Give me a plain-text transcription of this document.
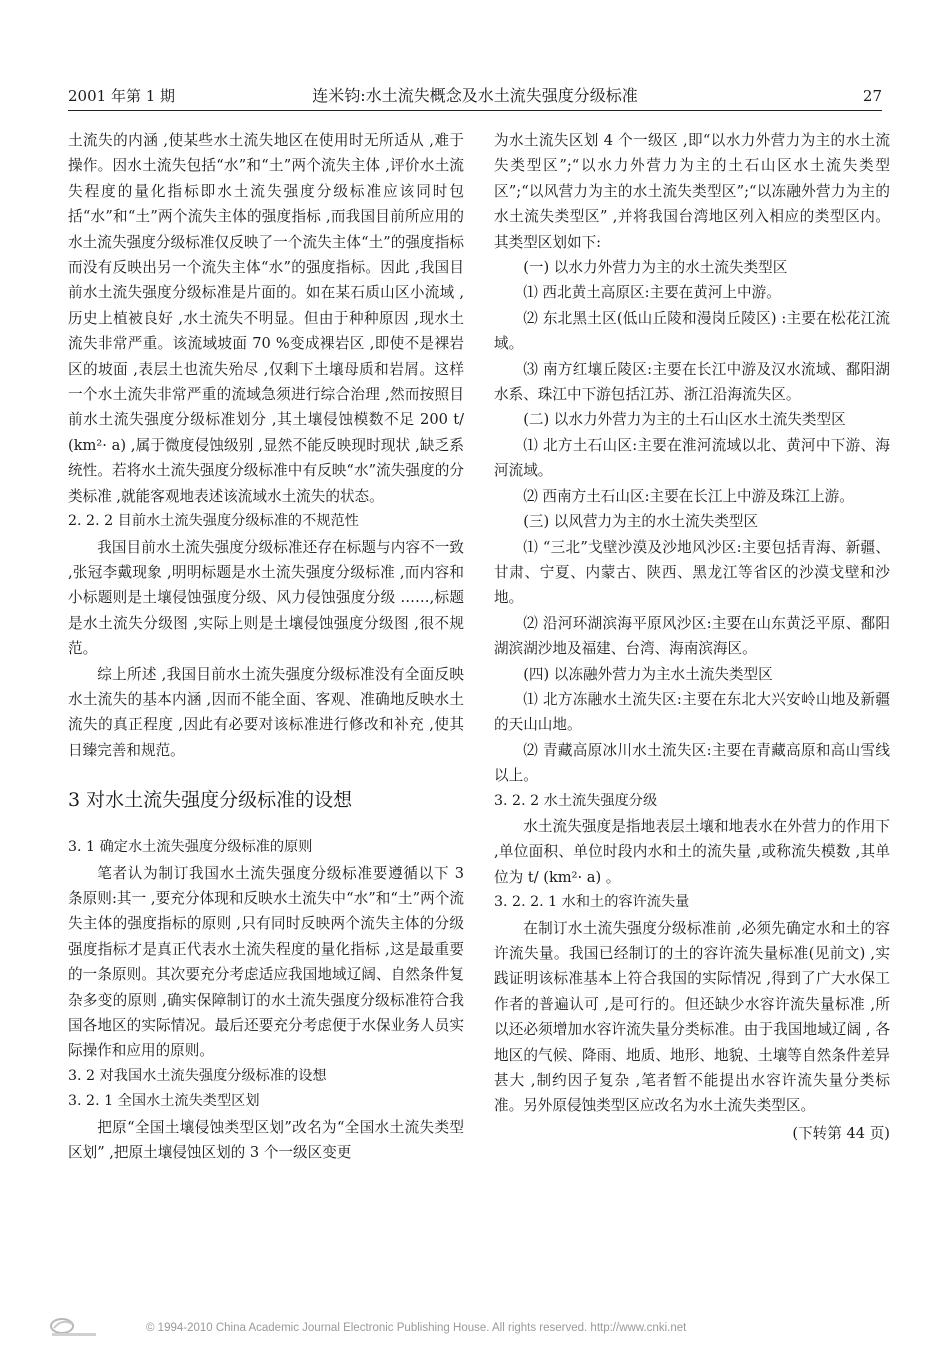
2001 年第 1 期	连米钧:水土流失概念及水土流失强度分级标准	27

土流失的内涵 ,使某些水土流失地区在使用时无所适从 ,难于操作。因水土流失包括“水”和“土”两个流失主体 ,评价水土流失程度的量化指标即水土流失强度分级标准应该同时包括“水”和“土”两个流失主体的强度指标 ,而我国目前所应用的水土流失强度分级标准仅反映了一个流失主体“土”的强度指标而没有反映出另一个流失主体“水”的强度指标。因此 ,我国目前水土流失强度分级标准是片面的。如在某石质山区小流域 ,历史上植被良好 ,水土流失不明显。但由于种种原因 ,现水土流失非常严重。该流域坡面 70 %变成裸岩区 ,即使不是裸岩区的坡面 ,表层土也流失殆尽 ,仅剩下土壤母质和岩屑。这样一个水土流失非常严重的流域急须进行综合治理 ,然而按照目前水土流失强度分级标准划分 ,其土壤侵蚀模数不足 200 t/ (km²· a) ,属于微度侵蚀级别 ,显然不能反映现时现状 ,缺乏系统性。若将水土流失强度分级标准中有反映“水”流失强度的分类标准 ,就能客观地表述该流域水土流失的状态。

2. 2. 2 目前水土流失强度分级标准的不规范性

我国目前水土流失强度分级标准还存在标题与内容不一致 ,张冠李戴现象 ,明明标题是水土流失强度分级标准 ,而内容和小标题则是土壤侵蚀强度分级、风力侵蚀强度分级 ……,标题是水土流失分级图 ,实际上则是土壤侵蚀强度分级图 ,很不规范。

综上所述 ,我国目前水土流失强度分级标准没有全面反映水土流失的基本内涵 ,因而不能全面、客观、准确地反映水土流失的真正程度 ,因此有必要对该标准进行修改和补充 ,使其日臻完善和规范。

3 对水土流失强度分级标准的设想

3. 1 确定水土流失强度分级标准的原则

笔者认为制订我国水土流失强度分级标准要遵循以下 3 条原则:其一 ,要充分体现和反映水土流失中“水”和“土”两个流失主体的强度指标的原则 ,只有同时反映两个流失主体的分级强度指标才是真正代表水土流失程度的量化指标 ,这是最重要的一条原则。其次要充分考虑适应我国地域辽阔、自然条件复杂多变的原则 ,确实保障制订的水土流失强度分级标准符合我国各地区的实际情况。最后还要充分考虑便于水保业务人员实际操作和应用的原则。

3. 2 对我国水土流失强度分级标准的设想

3. 2. 1 全国水土流失类型区划

把原“全国土壤侵蚀类型区划”改名为“全国水土流失类型区划” ,把原土壤侵蚀区划的 3 个一级区变更

为水土流失区划 4 个一级区 ,即“以水力外营力为主的水土流失类型区”;“以水力外营力为主的土石山区水土流失类型区”;“以风营力为主的水土流失类型区”;“以冻融外营力为主的水土流失类型区” ,并将我国台湾地区列入相应的类型区内。其类型区划如下:

(一) 以水力外营力为主的水土流失类型区

⑴ 西北黄土高原区:主要在黄河上中游。

⑵ 东北黑土区(低山丘陵和漫岗丘陵区) :主要在松花江流域。

⑶ 南方红壤丘陵区:主要在长江中游及汉水流域、鄱阳湖水系、珠江中下游包括江苏、浙江沿海流失区。

(二) 以水力外营力为主的土石山区水土流失类型区

⑴ 北方土石山区:主要在淮河流域以北、黄河中下游、海河流域。

⑵ 西南方土石山区:主要在长江上中游及珠江上游。

(三) 以风营力为主的水土流失类型区

⑴ “三北”戈壁沙漠及沙地风沙区:主要包括青海、新疆、甘肃、宁夏、内蒙古、陕西、黑龙江等省区的沙漠戈壁和沙地。

⑵ 沿河环湖滨海平原风沙区:主要在山东黄泛平原、鄱阳湖滨湖沙地及福建、台湾、海南滨海区。

(四) 以冻融外营力为主水土流失类型区

⑴ 北方冻融水土流失区:主要在东北大兴安岭山地及新疆的天山山地。

⑵ 青藏高原冰川水土流失区:主要在青藏高原和高山雪线以上。

3. 2. 2 水土流失强度分级

水土流失强度是指地表层土壤和地表水在外营力的作用下 ,单位面积、单位时段内水和土的流失量 ,或称流失模数 ,其单位为 t/ (km²· a) 。

3. 2. 2. 1 水和土的容许流失量

在制订水土流失强度分级标准前 ,必须先确定水和土的容许流失量。我国已经制订的土的容许流失量标准(见前文) ,实践证明该标准基本上符合我国的实际情况 ,得到了广大水保工作者的普遍认可 ,是可行的。但还缺少水容许流失量标准 ,所以还必须增加水容许流失量分类标准。由于我国地域辽阔 , 各地区的气候、降雨、地质、地形、地貌、土壤等自然条件差异甚大 ,制约因子复杂 ,笔者暂不能提出水容许流失量分类标准。另外原侵蚀类型区应改名为水土流失类型区。

(下转第 44 页)

© 1994-2010 China Academic Journal Electronic Publishing House. All rights reserved. http://www.cnki.net
